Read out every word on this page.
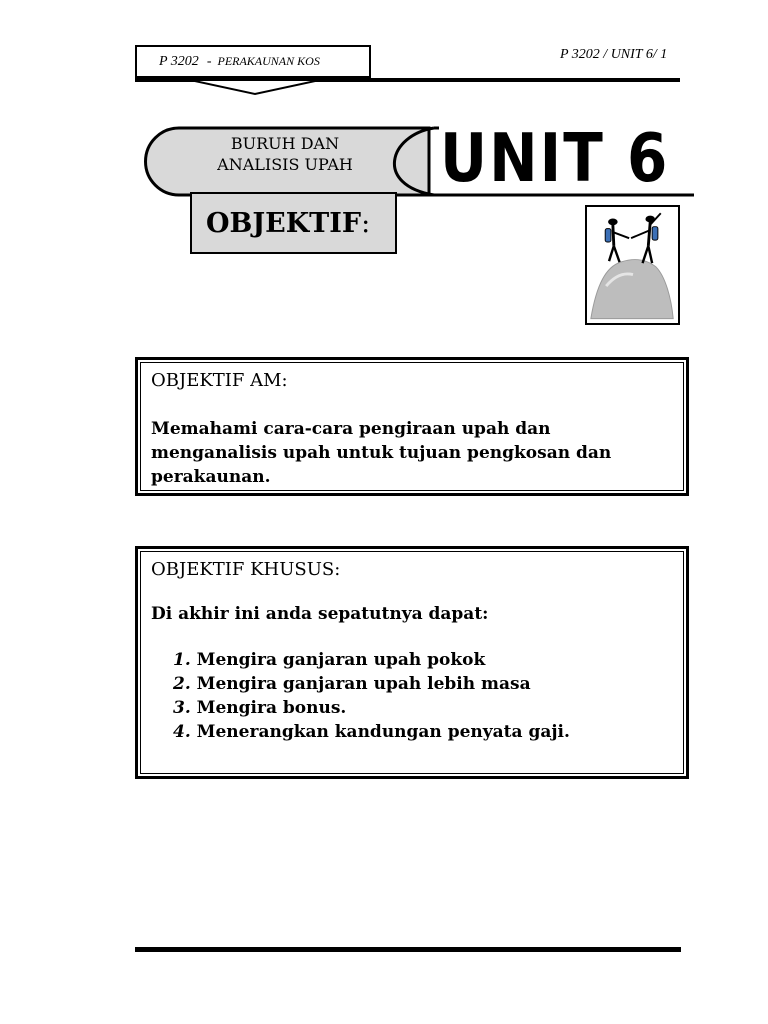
P 3202 - PERAKAUNAN KOS	P 3202 / UNIT 6/ 1
BURUH DAN
ANALISIS UPAH	UNIT 6
OBJEKTIF :
OBJEKTIF AM:
Memahami cara-cara pengiraan upah dan menganalisis upah untuk tujuan pengkosan dan perakaunan.
OBJEKTIF KHUSUS:
Di akhir ini anda sepatutnya dapat:
1. Mengira ganjaran upah pokok
2. Mengira ganjaran upah lebih masa
3. Mengira bonus.
4. Menerangkan kandungan penyata gaji.
